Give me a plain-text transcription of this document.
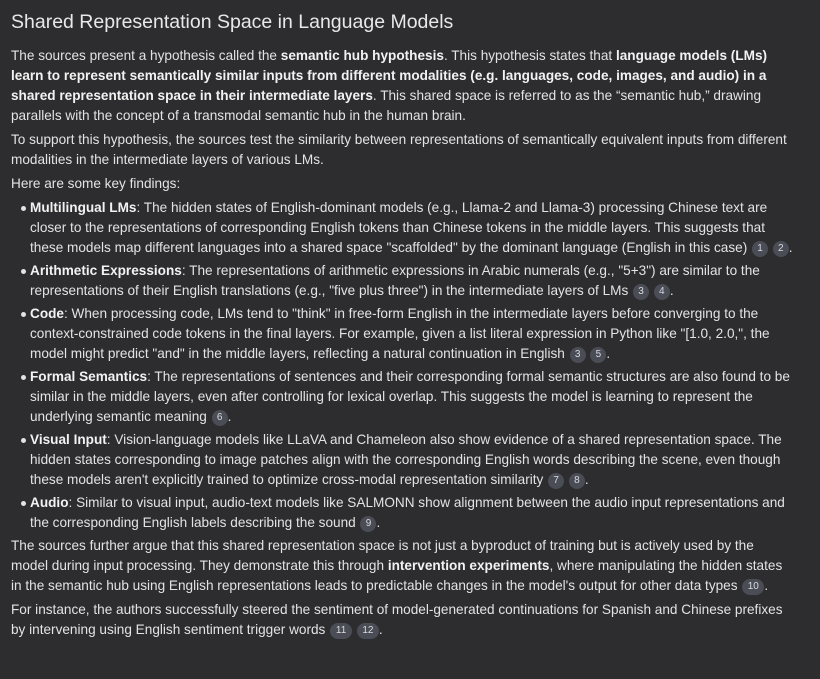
Shared Representation Space in Language Models

The sources present a hypothesis called the semantic hub hypothesis. This hypothesis states that language models (LMs) learn to represent semantically similar inputs from different modalities (e.g. languages, code, images, and audio) in a shared representation space in their intermediate layers. This shared space is referred to as the “semantic hub,” drawing parallels with the concept of a transmodal semantic hub in the human brain.

To support this hypothesis, the sources test the similarity between representations of semantically equivalent inputs from different modalities in the intermediate layers of various LMs.

Here are some key findings:

Multilingual LMs: The hidden states of English-dominant models (e.g., Llama-2 and Llama-3) processing Chinese text are closer to the representations of corresponding English tokens than Chinese tokens in the middle layers. This suggests that these models map different languages into a shared space "scaffolded" by the dominant language (English in this case) 1 2 .
Arithmetic Expressions: The representations of arithmetic expressions in Arabic numerals (e.g., "5+3") are similar to the representations of their English translations (e.g., "five plus three") in the intermediate layers of LMs 3 4 .
Code: When processing code, LMs tend to "think" in free-form English in the intermediate layers before converging to the context-constrained code tokens in the final layers. For example, given a list literal expression in Python like "[1.0, 2.0,", the model might predict "and" in the middle layers, reflecting a natural continuation in English 3 5 .
Formal Semantics: The representations of sentences and their corresponding formal semantic structures are also found to be similar in the middle layers, even after controlling for lexical overlap. This suggests the model is learning to represent the underlying semantic meaning 6 .
Visual Input: Vision-language models like LLaVA and Chameleon also show evidence of a shared representation space. The hidden states corresponding to image patches align with the corresponding English words describing the scene, even though these models aren't explicitly trained to optimize cross-modal representation similarity 7 8 .
Audio: Similar to visual input, audio-text models like SALMONN show alignment between the audio input representations and the corresponding English labels describing the sound 9 .

The sources further argue that this shared representation space is not just a byproduct of training but is actively used by the model during input processing. They demonstrate this through intervention experiments, where manipulating the hidden states in the semantic hub using English representations leads to predictable changes in the model's output for other data types 10 .

For instance, the authors successfully steered the sentiment of model-generated continuations for Spanish and Chinese prefixes by intervening using English sentiment trigger words 11 12 .
